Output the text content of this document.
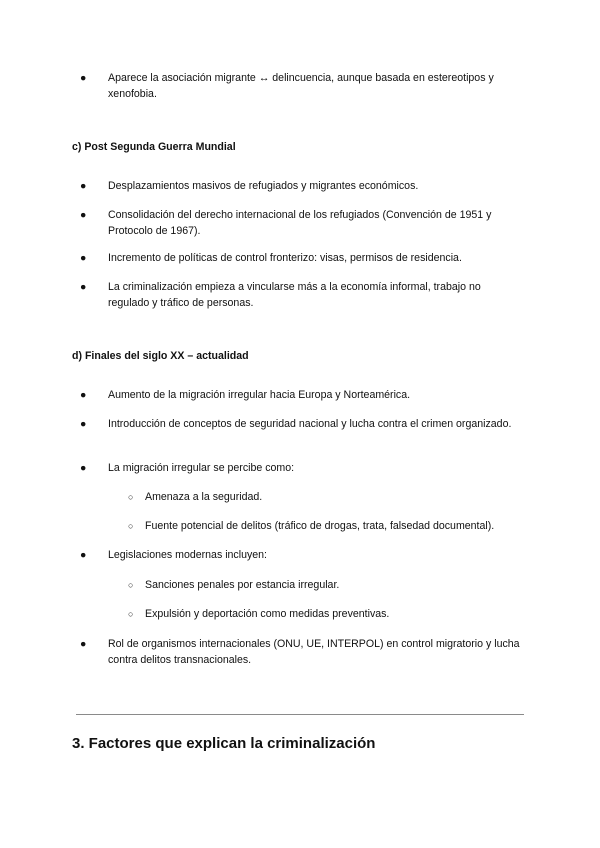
● Aparece la asociación migrante ↔ delincuencia, aunque basada en estereotipos y xenofobia.
c) Post Segunda Guerra Mundial
● Desplazamientos masivos de refugiados y migrantes económicos.
● Consolidación del derecho internacional de los refugiados (Convención de 1951 y Protocolo de 1967).
● Incremento de políticas de control fronterizo: visas, permisos de residencia.
● La criminalización empieza a vincularse más a la economía informal, trabajo no regulado y tráfico de personas.
d) Finales del siglo XX – actualidad
● Aumento de la migración irregular hacia Europa y Norteamérica.
● Introducción de conceptos de seguridad nacional y lucha contra el crimen organizado.
● La migración irregular se percibe como:
○ Amenaza a la seguridad.
○ Fuente potencial de delitos (tráfico de drogas, trata, falsedad documental).
● Legislaciones modernas incluyen:
○ Sanciones penales por estancia irregular.
○ Expulsión y deportación como medidas preventivas.
● Rol de organismos internacionales (ONU, UE, INTERPOL) en control migratorio y lucha contra delitos transnacionales.
3. Factores que explican la criminalización
